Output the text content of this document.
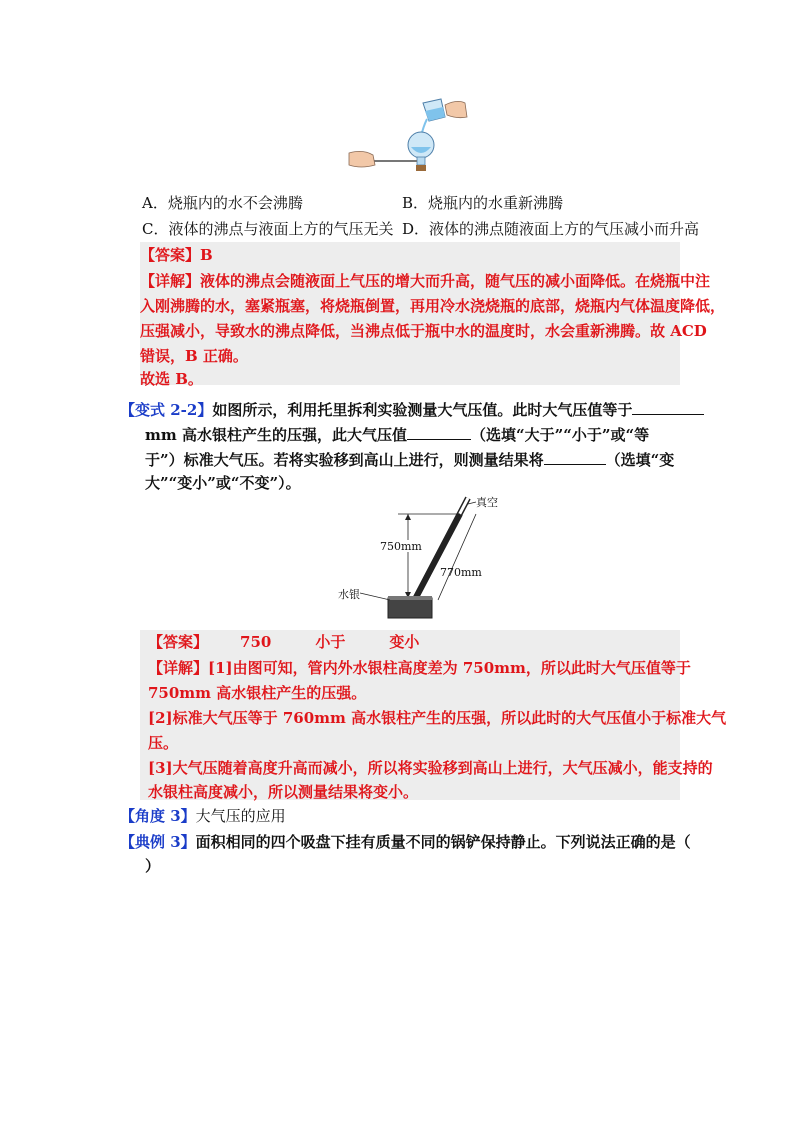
A．烧瓶内的水不会沸腾	B．烧瓶内的水重新沸腾
C．液体的沸点与液面上方的气压无关 D．液体的沸点随液面上方的气压减小而升高
【答案】B
【详解】液体的沸点会随液面上气压的增大而升高，随气压的减小面降低。在烧瓶中注
入刚沸腾的水，塞紧瓶塞，将烧瓶倒置，再用冷水浇烧瓶的底部，烧瓶内气体温度降低，
压强减小，导致水的沸点降低，当沸点低于瓶中水的温度时，水会重新沸腾。故 ACD
错误，B 正确。
故选 B。
【变式 2-2】如图所示，利用托里拆利实验测量大气压值。此时大气压值等于
mm 高水银柱产生的压强，此大气压值	（选填“大于”“小于”或“等
于”）标准大气压。若将实验移到高山上进行，则测量结果将	（选填“变
大”“变小”或“不变”）。
真空
750mm
770mm
水银
【答案】 750	小于	变小
【详解】[1]由图可知，管内外水银柱高度差为 750mm，所以此时大气压值等于
750mm 高水银柱产生的压强。
[2]标准大气压等于 760mm 高水银柱产生的压强，所以此时的大气压值小于标准大气
压。
[3]大气压随着高度升高而减小，所以将实验移到高山上进行，大气压减小，能支持的
水银柱高度减小，所以测量结果将变小。
【角度 3】大气压的应用
【典例 3】面积相同的四个吸盘下挂有质量不同的锅铲保持静止。下列说法正确的是（
）
